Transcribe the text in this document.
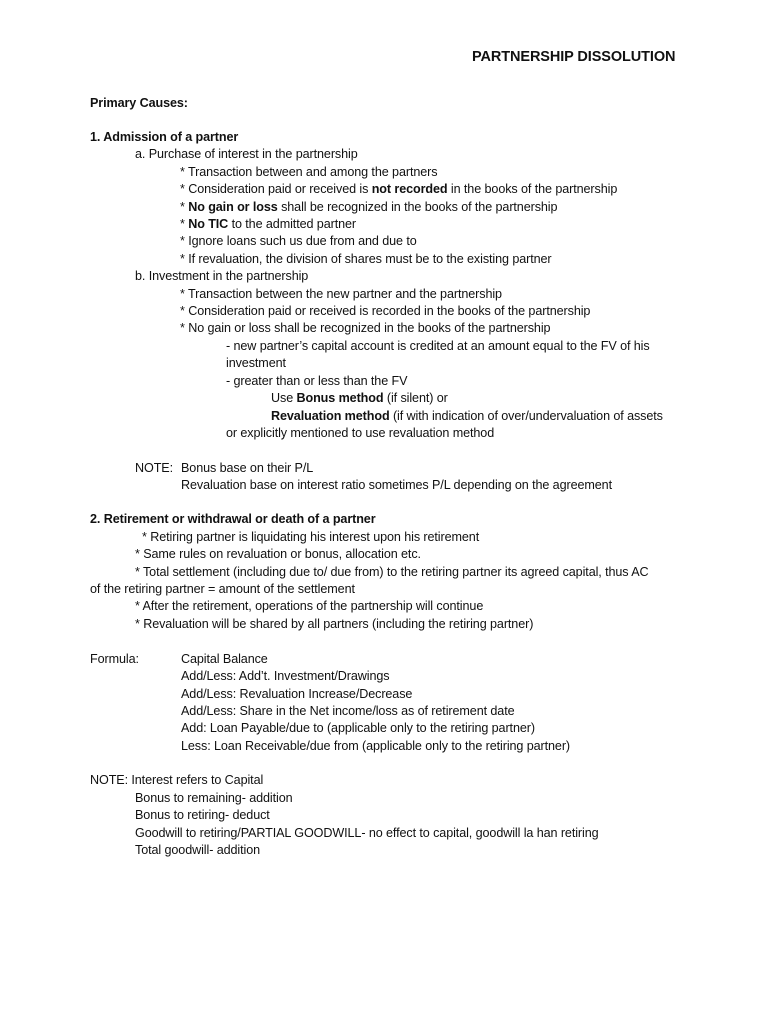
PARTNERSHIP DISSOLUTION
Primary Causes:
1. Admission of a partner
a. Purchase of interest in the partnership
* Transaction between and among the partners
* Consideration paid or received is not recorded in the books of the partnership
* No gain or loss shall be recognized in the books of the partnership
* No TIC to the admitted partner
* Ignore loans such us due from and due to
* If revaluation, the division of shares must be to the existing partner
b. Investment in the partnership
* Transaction between the new partner and the partnership
* Consideration paid or received is recorded in the books of the partnership
* No gain or loss shall be recognized in the books of the partnership
- new partner’s capital account is credited at an amount equal to the FV of his
investment
- greater than or less than the FV
Use Bonus method (if silent) or
Revaluation method (if with indication of over/undervaluation of assets
or explicitly mentioned to use revaluation method
NOTE: Bonus base on their P/L
Revaluation base on interest ratio sometimes P/L depending on the agreement
2. Retirement or withdrawal or death of a partner
* Retiring partner is liquidating his interest upon his retirement
* Same rules on revaluation or bonus, allocation etc.
* Total settlement (including due to/ due from) to the retiring partner its agreed capital, thus AC
of the retiring partner = amount of the settlement
* After the retirement, operations of the partnership will continue
* Revaluation will be shared by all partners (including the retiring partner)
Formula:	Capital Balance
Add/Less: Add’t. Investment/Drawings
Add/Less: Revaluation Increase/Decrease
Add/Less: Share in the Net income/loss as of retirement date
Add: Loan Payable/due to (applicable only to the retiring partner)
Less: Loan Receivable/due from (applicable only to the retiring partner)
NOTE: Interest refers to Capital
Bonus to remaining- addition
Bonus to retiring- deduct
Goodwill to retiring/PARTIAL GOODWILL- no effect to capital, goodwill la han retiring
Total goodwill- addition
